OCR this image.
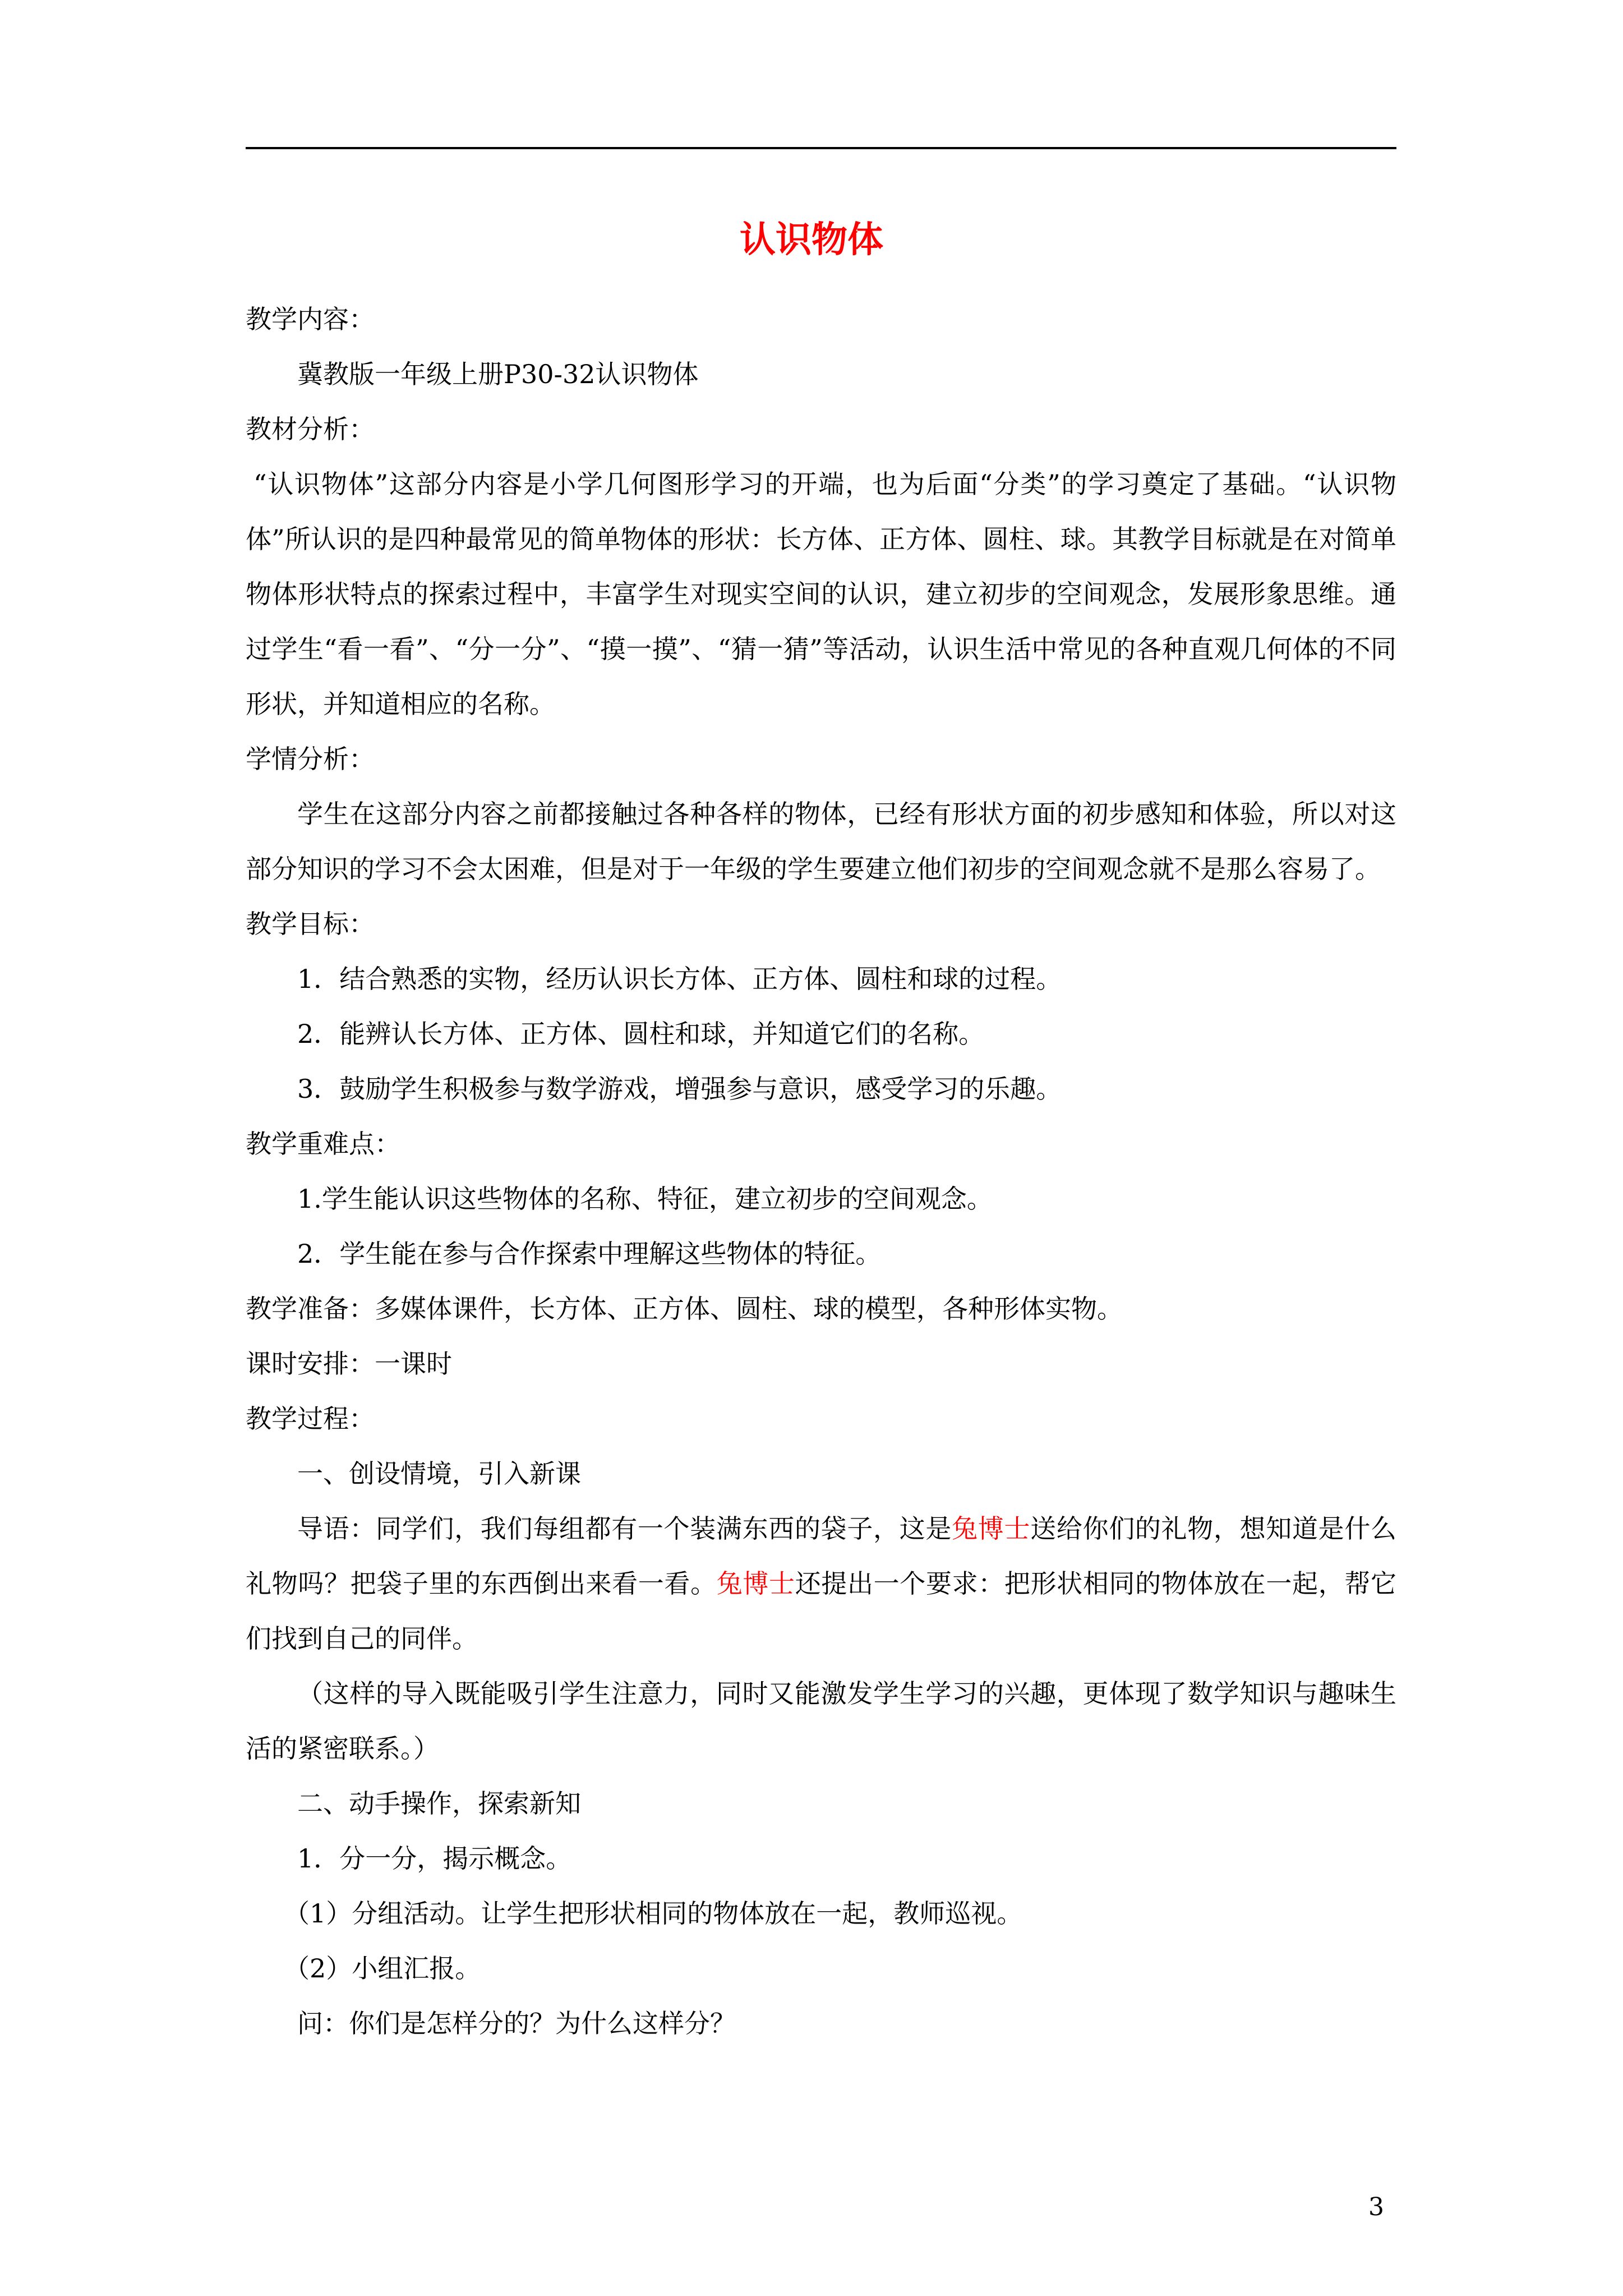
认识物体

教学内容：

冀教版一年级上册P30-32认识物体

教材分析：

“认识物体”这部分内容是小学几何图形学习的开端，也为后面“分类”的学习奠定了基础。“认识物体”所认识的是四种最常见的简单物体的形状：长方体、正方体、圆柱、球。其教学目标就是在对简单物体形状特点的探索过程中，丰富学生对现实空间的认识，建立初步的空间观念，发展形象思维。通过学生“看一看”、“分一分”、“摸一摸”、“猜一猜”等活动，认识生活中常见的各种直观几何体的不同形状，并知道相应的名称。

学情分析：

学生在这部分内容之前都接触过各种各样的物体，已经有形状方面的初步感知和体验，所以对这部分知识的学习不会太困难，但是对于一年级的学生要建立他们初步的空间观念就不是那么容易了。

教学目标：

1．结合熟悉的实物，经历认识长方体、正方体、圆柱和球的过程。

2．能辨认长方体、正方体、圆柱和球，并知道它们的名称。

3．鼓励学生积极参与数学游戏，增强参与意识，感受学习的乐趣。

教学重难点：

1.学生能认识这些物体的名称、特征，建立初步的空间观念。

2．学生能在参与合作探索中理解这些物体的特征。

教学准备：多媒体课件，长方体、正方体、圆柱、球的模型，各种形体实物。

课时安排：一课时

教学过程：

一、创设情境，引入新课

导语：同学们，我们每组都有一个装满东西的袋子，这是兔博士送给你们的礼物，想知道是什么礼物吗？把袋子里的东西倒出来看一看。兔博士还提出一个要求：把形状相同的物体放在一起，帮它们找到自己的同伴。

（这样的导入既能吸引学生注意力，同时又能激发学生学习的兴趣，更体现了数学知识与趣味生活的紧密联系。）

二、动手操作，探索新知

1．分一分，揭示概念。

（1）分组活动。让学生把形状相同的物体放在一起，教师巡视。

（2）小组汇报。

问：你们是怎样分的？为什么这样分？

3
